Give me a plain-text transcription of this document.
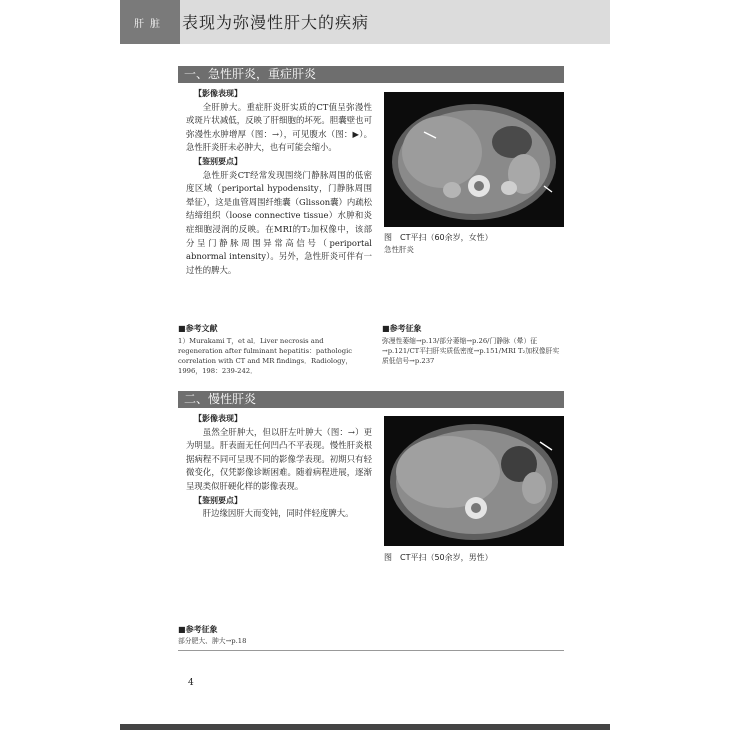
肝脏	表现为弥漫性肝大的疾病
一、急性肝炎，重症肝炎
【影像表现】

全肝肿大。重症肝炎肝实质的CT值呈弥漫性或斑片状减低，反映了肝细胞的坏死。胆囊壁也可弥漫性水肿增厚（图：→），可见腹水（图：▶）。急性肝炎肝未必肿大，也有可能会缩小。

【鉴别要点】

急性肝炎CT经常发现围绕门静脉周围的低密度区域（periportal hypodensity，门静脉周围晕征），这是血管周围纤维囊（Glisson囊）内疏松结缔组织（loose connective tissue）水肿和炎症细胞浸润的反映。在MRI的T₂加权像中，该部分呈门静脉周围异常高信号（periportal abnormal intensity）。另外，急性肝炎可伴有一过性的脾大。

图　CT平扫（60余岁，女性）
急性肝炎
■参考文献
1）Murakami T，et al．Liver necrosis and regeneration after fulminant hepatitis：pathologic correlation with CT and MR findings．Radiology，1996，198：239-242．
■参考征象
弥漫性萎缩→p.13/部分萎缩→p.26/门静脉（晕）征→p.121/CT平扫肝实质低密度→p.151/MRI T₂加权像肝实质低信号→p.237
二、慢性肝炎
【影像表现】

虽然全肝肿大，但以肝左叶肿大（图：→）更为明显。肝表面无任何凹凸不平表现。慢性肝炎根据病程不同可呈现不同的影像学表现。初期只有轻微变化，仅凭影像诊断困难。随着病程进展，逐渐呈现类似肝硬化样的影像表现。

【鉴别要点】

肝边缘因肝大而变钝，同时伴轻度脾大。

图　CT平扫（50余岁，男性）
■参考征象
部分肥大、肿大→p.18
4
